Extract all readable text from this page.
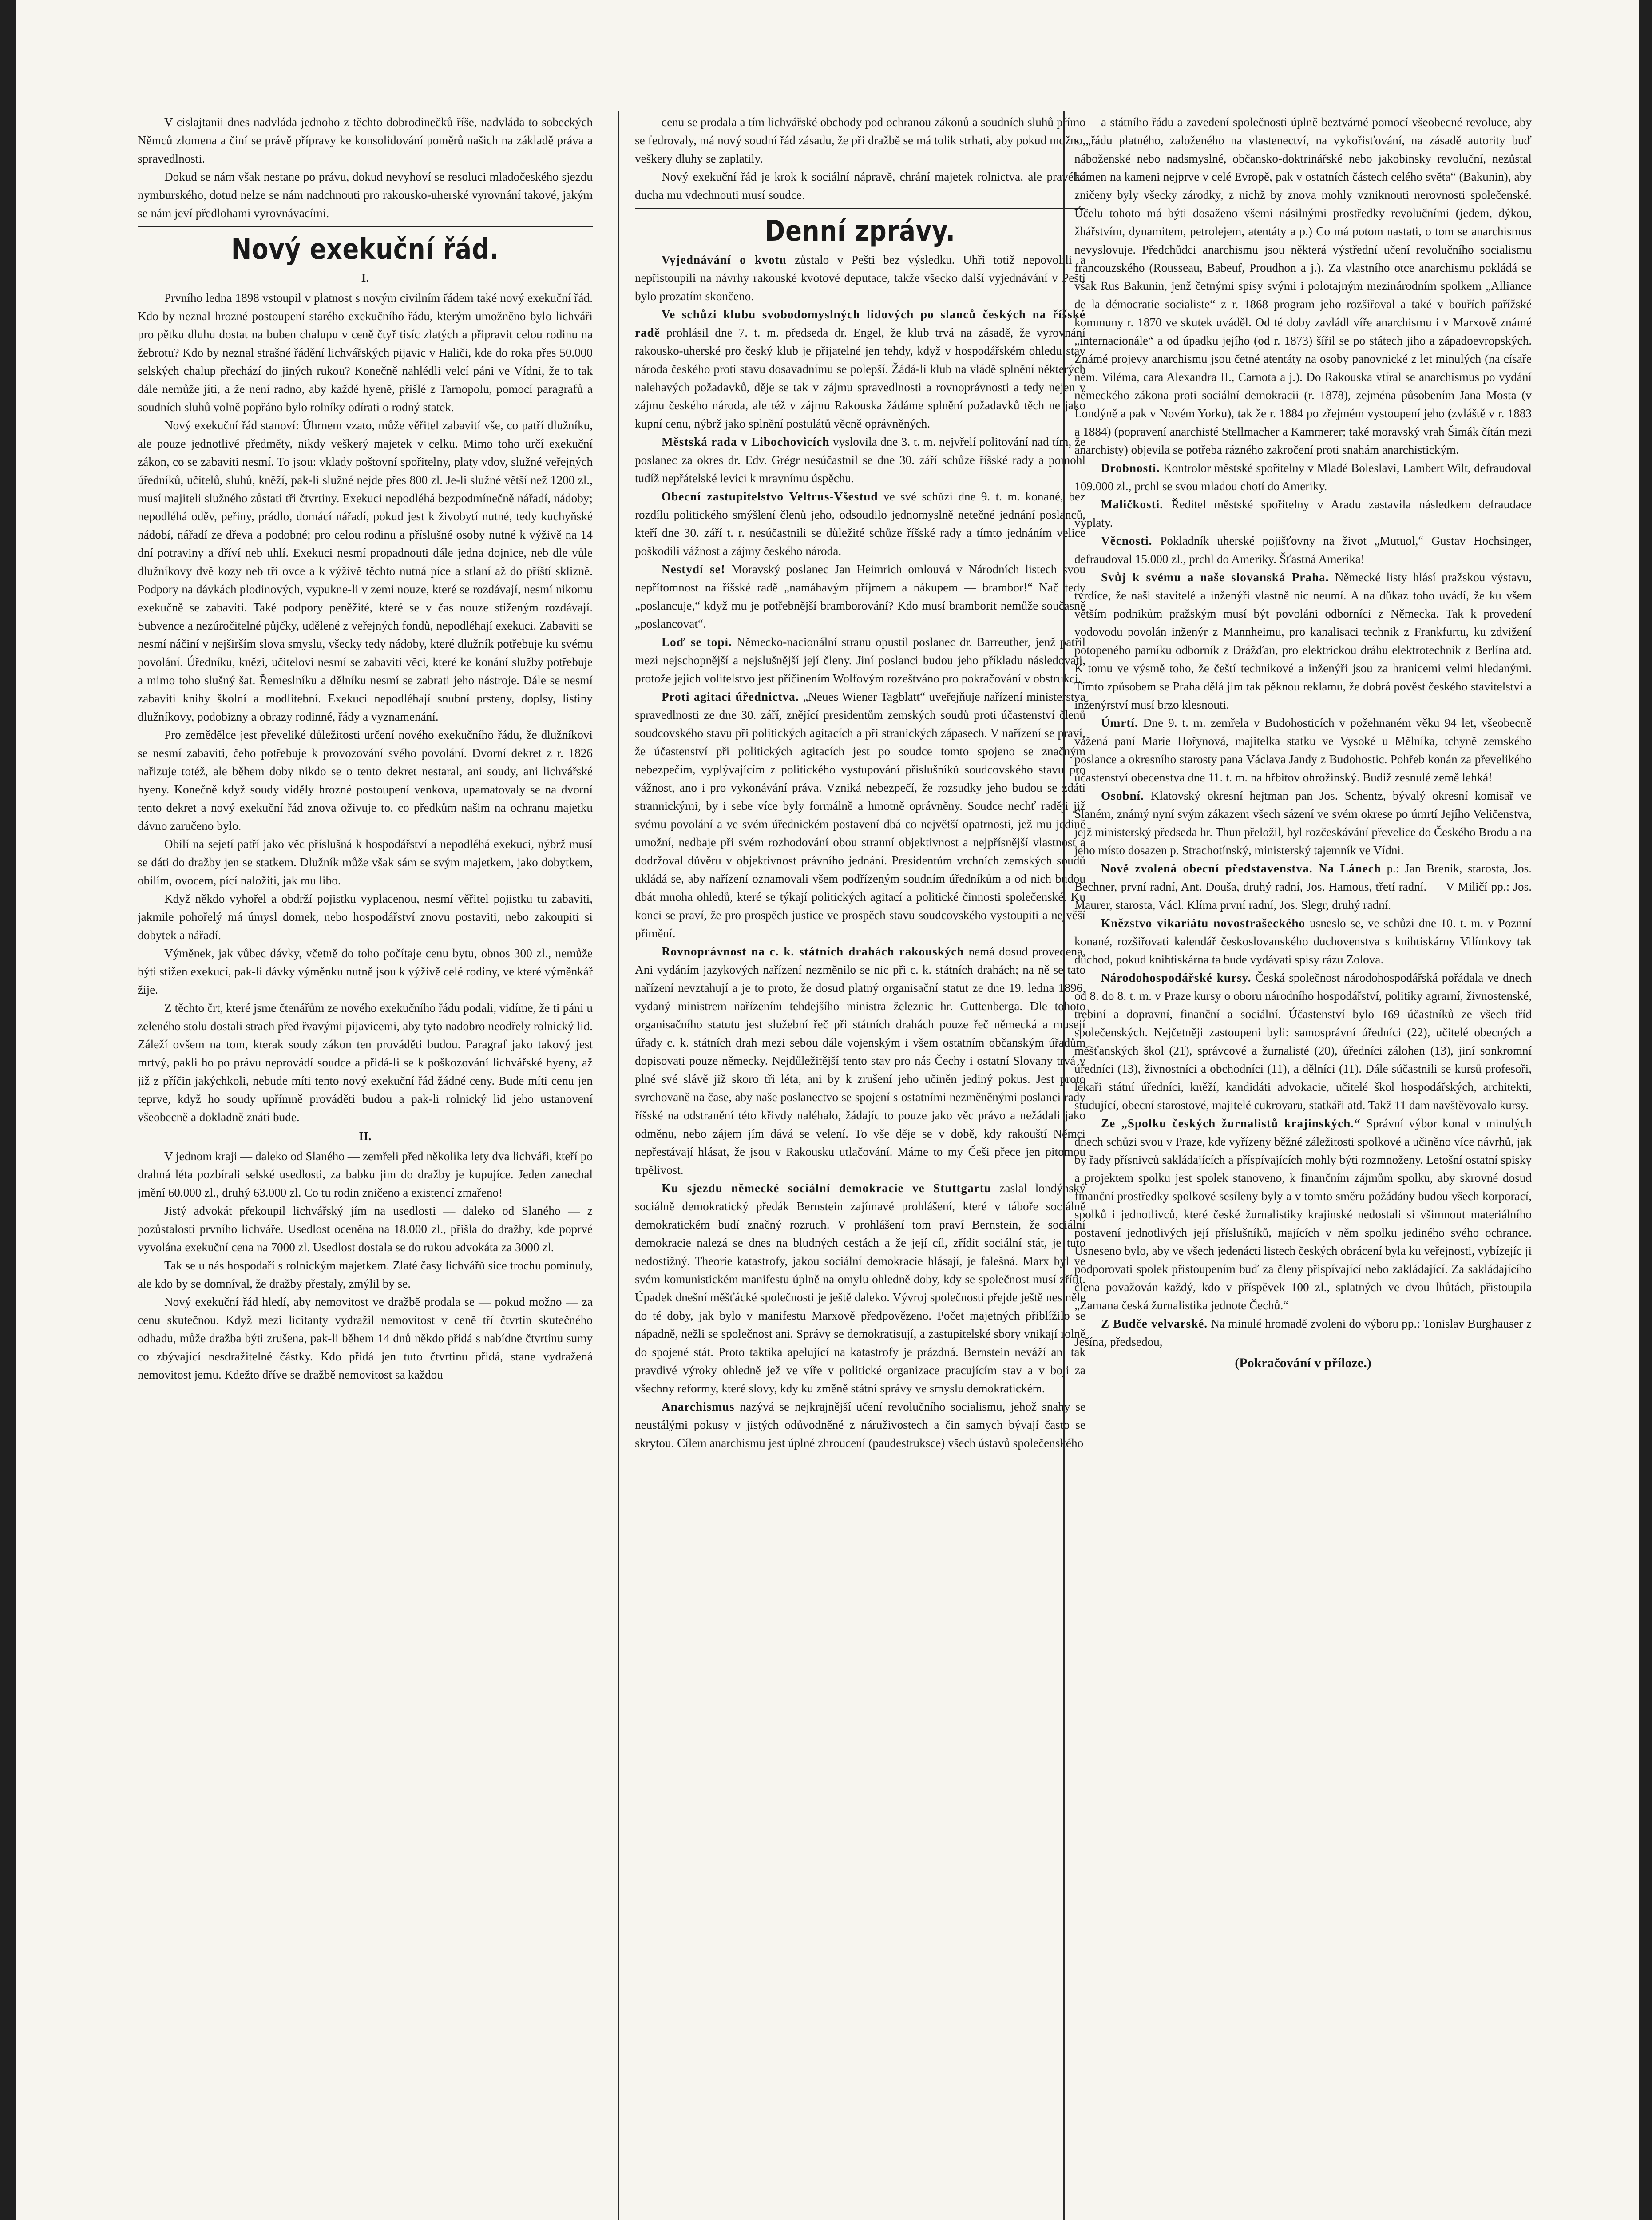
V cislajtanii dnes nadvláda jednoho z těchto dobrodinečků říše, nadvláda to sobeckých Němců zlomena a činí se právě přípravy ke konsolidování poměrů našich na základě práva a spravedlnosti.

Dokud se nám však nestane po právu, dokud nevyhoví se resoluci mladočeského sjezdu nymburského, dotud nelze se nám nadchnouti pro rakousko-uherské vyrovnání takové, jakým se nám jeví předlohami vyrovnávacími.

Nový exekuční řád.
I.

Prvního ledna 1898 vstoupil v platnost s novým civilním řádem také nový exekuční řád. Kdo by neznal hrozné postoupení starého exekučního řádu, kterým umožněno bylo lichváři pro pětku dluhu dostat na buben chalupu v ceně čtyř tisíc zlatých a připravit celou rodinu na žebrotu? Kdo by neznal strašné řádění lichvářských pijavic v Haliči, kde do roka přes 50.000 selských chalup přechází do jiných rukou? Konečně nahlédli velcí páni ve Vídni, že to tak dále nemůže jíti, a že není radno, aby každé hyeně, přišlé z Tarnopolu, pomocí paragrafů a soudních sluhů volně popřáno bylo rolníky odírati o rodný statek.

Nový exekuční řád stanoví: Úhrnem vzato, může věřitel zabavití vše, co patří dlužníku, ale pouze jednotlivé předměty, nikdy veškerý majetek v celku. Mimo toho určí exekuční zákon, co se zabaviti nesmí. To jsou: vklady poštovní spořitelny, platy vdov, služné veřejných úředníků, učitelů, sluhů, kněží, pak-li služné nejde přes 800 zl. Je-li služné větší než 1200 zl., musí majiteli služného zůstati tři čtvrtiny. Exekuci nepodléhá bezpodmínečně nářadí, nádoby; nepodléhá oděv, peřiny, prádlo, domácí nářadí, pokud jest k živobytí nutné, tedy kuchyňské nádobí, nářadí ze dřeva a podobné; pro celou rodinu a příslušné osoby nutné k výživě na 14 dní potraviny a dříví neb uhlí. Exekuci nesmí propadnouti dále jedna dojnice, neb dle vůle dlužníkovy dvě kozy neb tři ovce a k výživě těchto nutná píce a stlaní až do příští sklizně. Podpory na dávkách plodinových, vypukne-li v zemi nouze, které se rozdávají, nesmí nikomu exekučně se zabaviti. Také podpory peněžité, které se v čas nouze stiženým rozdávají. Subvence a nezúročitelné půjčky, udělené z veřejných fondů, nepodléhají exekuci. Zabaviti se nesmí náčiní v nejširším slova smyslu, všecky tedy nádoby, které dlužník potřebuje ku svému povolání. Úředníku, knězi, učitelovi nesmí se zabaviti věci, které ke konání služby potřebuje a mimo toho slušný šat. Řemeslníku a dělníku nesmí se zabrati jeho nástroje. Dále se nesmí zabaviti knihy školní a modlitební. Exekuci nepodléhají snubní prsteny, doplsy, listiny dlužníkovy, podobizny a obrazy rodinné, řády a vyznamenání.

Pro zemědělce jest převeliké důležitosti určení nového exekučního řádu, že dlužníkovi se nesmí zabaviti, čeho potřebuje k provozování svého povolání. Dvorní dekret z r. 1826 nařizuje totéž, ale během doby nikdo se o tento dekret nestaral, ani soudy, ani lichvářské hyeny. Konečně když soudy viděly hrozné postoupení venkova, upamatovaly se na dvorní tento dekret a nový exekuční řád znova oživuje to, co předkům našim na ochranu majetku dávno zaručeno bylo.

Obilí na sejetí patří jako věc příslušná k hospodářství a nepodléhá exekuci, nýbrž musí se dáti do dražby jen se statkem. Dlužník může však sám se svým majetkem, jako dobytkem, obilím, ovocem, pící naložiti, jak mu libo.

Když někdo vyhořel a obdrží pojistku vyplacenou, nesmí věřitel pojistku tu zabaviti, jakmile pohořelý má úmysl domek, nebo hospodářství znovu postaviti, nebo zakoupiti si dobytek a nářadí.

Výměnek, jak vůbec dávky, včetně do toho počítaje cenu bytu, obnos 300 zl., nemůže býti stižen exekucí, pak-li dávky výměnku nutně jsou k výživě celé rodiny, ve které výměnkář žije.

Z těchto črt, které jsme čtenářům ze nového exekučního řádu podali, vidíme, že ti páni u zeleného stolu dostali strach před řvavými pijavicemi, aby tyto nadobro neodřely rolnický lid. Záleží ovšem na tom, kterak soudy zákon ten prováděti budou. Paragraf jako takový jest mrtvý, pakli ho po právu neprovádí soudce a přidá-li se k poškozování lichvářské hyeny, až již z příčin jakýchkoli, nebude míti tento nový exekuční řád žádné ceny. Bude míti cenu jen teprve, když ho soudy upřímně prováděti budou a pak-li rolnický lid jeho ustanovení všeobecně a dokladně znáti bude.

II.

V jednom kraji — daleko od Slaného — zemřeli před několika lety dva lichváři, kteří po drahná léta pozbírali selské usedlosti, za babku jim do dražby je kupujíce. Jeden zanechal jmění 60.000 zl., druhý 63.000 zl. Co tu rodin zničeno a existencí zmařeno!

Jistý advokát překoupil lichvářský jím na usedlosti — daleko od Slaného — z pozůstalosti prvního lichváře. Usedlost oceněna na 18.000 zl., přišla do dražby, kde poprvé vyvolána exekuční cena na 7000 zl. Usedlost dostala se do rukou advokáta za 3000 zl.

Tak se u nás hospodaří s rolnickým majetkem. Zlaté časy lichvářů sice trochu pominuly, ale kdo by se domníval, že dražby přestaly, zmýlil by se.

Nový exekuční řád hledí, aby nemovitost ve dražbě prodala se — pokud možno — za cenu skutečnou. Když mezi licitanty vydražil nemovitost v ceně tří čtvrtin skutečného odhadu, může dražba býti zrušena, pak-li během 14 dnů někdo přidá s nabídne čtvrtinu sumy co zbývající nesdražitelné částky. Kdo přidá jen tuto čtvrtinu přidá, stane vydražená nemovitost jemu. Kdežto dříve se dražbě nemovitost sa každou

cenu se prodala a tím lichvářské obchody pod ochranou zákonů a soudních sluhů přímo se fedrovaly, má nový soudní řád zásadu, že při dražbě se má tolik strhati, aby pokud možno, veškery dluhy se zaplatily.

Nový exekuční řád je krok k sociální nápravě, chrání majetek rolnictva, ale pravého ducha mu vdechnouti musí soudce.

Denní zprávy.

Vyjednávání o kvotu zůstalo v Pešti bez výsledku. Uhři totiž nepovolili a nepřistoupili na návrhy rakouské kvotové deputace, takže všecko další vyjednávání v Pešti bylo prozatím skončeno.

Ve schůzi klubu svobodomyslných lidových po slanců českých na říšské radě prohlásil dne 7. t. m. předseda dr. Engel, že klub trvá na zásadě, že vyrovnání rakousko-uherské pro český klub je přijatelné jen tehdy, když v hospodářském ohledu stav národa českého proti stavu dosavadnímu se polepší. Žádá-li klub na vládě splnění některých nalehavých požadavků, děje se tak v zájmu spravedlnosti a rovnoprávnosti a tedy nejen v zájmu českého národa, ale též v zájmu Rakouska žádáme splnění požadavků těch ne jako kupní cenu, nýbrž jako splnění postulátů věcně oprávněných.

Městská rada v Libochovicích vyslovila dne 3. t. m. nejvřelí politování nad tím, že poslanec za okres dr. Edv. Grégr nesúčastnil se dne 30. září schůze říšské rady a pomohl tudíž nepřátelské levici k mravnímu úspěchu.

Obecní zastupitelstvo Veltrus-Všestud ve své schůzi dne 9. t. m. konané, bez rozdílu politického smýšlení členů jeho, odsoudilo jednomyslně netečné jednání poslanců, kteří dne 30. září t. r. nesúčastnili se důležité schůze říšské rady a tímto jednáním velice poškodili vážnost a zájmy českého národa.

Nestydí se! Moravský poslanec Jan Heimrich omlouvá v Národních listech svou nepřítomnost na říšské radě „namáhavým příjmem a nákupem — brambor!“ Nač tedy „poslancuje,“ když mu je potřebnější bramborování? Kdo musí bramborit nemůže současně „poslancovat“.

Loď se topí. Německo-nacionální stranu opustil poslanec dr. Barreuther, jenž patřil mezi nejschopnější a nejslušnější její členy. Jiní poslanci budou jeho příkladu následovati, protože jejich volitelstvo jest příčinením Wolfovým rozeštváno pro pokračování v obstrukci.

Proti agitaci úřednictva. „Neues Wiener Tagblatt“ uveřejňuje nařízení ministerstva spravedlnosti ze dne 30. září, znějící presidentům zemských soudů proti účastenství členů soudcovského stavu při politických agitacích a při stranických zápasech. V nařízení se praví, že účastenství při politických agitacích jest po soudce tomto spojeno se značným nebezpečím, vyplývajícím z politického vystupování přislušníků soudcovského stavu pro vážnost, ano i pro vykonávání práva. Vzniká nebezpečí, že rozsudky jeho budou se zdáti strannickými, by i sebe více byly formálně a hmotně oprávněny. Soudce nechť raději již svému povolání a ve svém úřednickém postavení dbá co největší opatrnosti, jež mu jedině umožní, nedbaje při svém rozhodování obou stranní objektivnost a nejpřísnější vlastnost a dodržoval důvěru v objektivnost právního jednání. Presidentům vrchních zemských soudů ukládá se, aby nařízení oznamovali všem podřízeným soudním úředníkům a od nich budou dbát mnoha ohledů, které se týkají politických agitací a politické činnosti společenské. Ku konci se praví, že pro prospěch justice ve prospěch stavu soudcovského vystoupiti a nejvěší přimění.

Rovnoprávnost na c. k. státních drahách rakouských nemá dosud provedena. Ani vydáním jazykových nařízení nezměnilo se nic při c. k. státních drahách; na ně se tato nařízení nevztahují a je to proto, že dosud platný organisační statut ze dne 19. ledna 1896, vydaný ministrem nařízením tehdejšího ministra železnic hr. Guttenberga. Dle tohoto organisačního statutu jest služební řeč při státních drahách pouze řeč německá a musejí úřady c. k. státních drah mezi sebou dále vojenským i všem ostatním občanským úřadům dopisovati pouze německy. Nejdůležitější tento stav pro nás Čechy i ostatní Slovany trvá v plné své slávě již skoro tři léta, ani by k zrušení jeho učiněn jediný pokus. Jest proto svrchovaně na čase, aby naše poslanectvo se spojení s ostatními nezměněnými poslanci rady říšské na odstranění této křivdy naléhalo, žádajíc to pouze jako věc právo a nežádali jako odměnu, nebo zájem jím dává se velení. To vše děje se v době, kdy rakouští Němci nepřestávají hlásat, že jsou v Rakousku utlačování. Máme to my Češi přece jen pitomou trpělivost.

Ku sjezdu německé sociální demokracie ve Stuttgartu zaslal londýnský sociálně demokratický předák Bernstein zajímavé prohlášení, které v táboře sociálně demokratickém budí značný rozruch. V prohlášení tom praví Bernstein, že sociální demokracie nalezá se dnes na bludných cestách a že její cíl, zřídit sociální stát, je tuto nedostižný. Theorie katastrofy, jakou sociální demokracie hlásají, je falešná. Marx byl ve svém komunistickém manifestu úplně na omylu ohledně doby, kdy se společnost musí zřítit. Úpadek dnešní měšťácké společnosti je ještě daleko. Vývroj společnosti přejde ještě nesměle do té doby, jak bylo v manifestu Marxově předpovězeno. Počet majetných přiblížilo se nápadně, nežli se společnost ani. Správy se demokratisují, a zastupitelské sbory vnikají rolně do spojené stát. Proto taktika apelující na katastrofy je prázdná. Bernstein neváží ani tak pravdivé výroky ohledně jež ve víře v politické organizace pracujícím stav a v boji za všechny reformy, které slovy, kdy ku změně státní správy ve smyslu demokratickém.

Anarchismus nazývá se nejkrajnější učení revolučního socialismu, jehož snahy se neustálými pokusy v jistých odůvodněné z náruživostech a čin samych bývají často se skrytou. Cílem anarchismu jest úplné zhroucení (paudestruksce) všech ústavů společenského

a státního řádu a zavedení společnosti úplně beztvárné pomocí všeobecné revoluce, aby s „řádu platného, založeného na vlastenectví, na vykořisťování, na zásadě autority buď náboženské nebo nadsmyslné, občansko-doktrinářské nebo jakobinsky revoluční, nezůstal kámen na kameni nejprve v celé Evropě, pak v ostatních částech celého světa“ (Bakunin), aby zničeny byly všecky zárodky, z nichž by znova mohly vzniknouti nerovnosti společenské. Účelu tohoto má býti dosaženo všemi násilnými prostředky revolučními (jedem, dýkou, žhářstvím, dynamitem, petrolejem, atentáty a p.) Co má potom nastati, o tom se anarchismus nevyslovuje. Předchůdci anarchismu jsou některá výstřední učení revolučního socialismu francouzského (Rousseau, Babeuf, Proudhon a j.). Za vlastního otce anarchismu pokládá se však Rus Bakunin, jenž četnými spisy svými i polotajným mezinárodním spolkem „Alliance de la démocratie socialiste“ z r. 1868 program jeho rozšiřoval a také v bouřích pařížské kommuny r. 1870 ve skutek uváděl. Od té doby zavládl víře anarchismu i v Marxově známé „internacionále“ a od úpadku jejího (od r. 1873) šířil se po státech jiho a západoevropských. Známé projevy anarchismu jsou četné atentáty na osoby panovnické z let minulých (na císaře něm. Viléma, cara Alexandra II., Carnota a j.). Do Rakouska vtíral se anarchismus po vydání německého zákona proti sociální demokracii (r. 1878), zejména působením Jana Mosta (v Londýně a pak v Novém Yorku), tak že r. 1884 po zřejmém vystoupení jeho (zvláště v r. 1883 a 1884) (popravení anarchisté Stellmacher a Kammerer; také moravský vrah Šimák čítán mezi anarchisty) objevila se potřeba rázného zakročení proti snahám anarchistickým.

Drobnosti. Kontrolor městské spořitelny v Mladé Boleslavi, Lambert Wilt, defraudoval 109.000 zl., prchl se svou mladou chotí do Ameriky.

Maličkosti. Ředitel městské spořitelny v Aradu zastavila následkem defraudace výplaty.

Věcnosti. Pokladník uherské pojišťovny na život „Mutuol,“ Gustav Hochsinger, defraudoval 15.000 zl., prchl do Ameriky. Šťastná Amerika!

Svůj k svému a naše slovanská Praha. Německé listy hlásí pražskou výstavu, tvrdíce, že naši stavitelé a inženýři vlastně nic neumí. A na důkaz toho uvádí, že ku všem větším podnikům pražským musí být povoláni odborníci z Německa. Tak k provedení vodovodu povolán inženýr z Mannheimu, pro kanalisaci technik z Frankfurtu, ku zdvižení potopeného parníku odborník z Drážďan, pro elektrickou dráhu elektrotechnik z Berlína atd. K tomu ve výsmě toho, že čeští technikové a inženýři jsou za hranicemi velmi hledanými. Tímto způsobem se Praha dělá jim tak pěknou reklamu, že dobrá pověst českého stavitelství a inženýrství musí brzo klesnouti.

Úmrtí. Dne 9. t. m. zemřela v Budohosticích v požehnaném věku 94 let, všeobecně vážená paní Marie Hořynová, majitelka statku ve Vysoké u Mělníka, tchyně zemského poslance a okresního starosty pana Václava Jandy z Budohostic. Pohřeb konán za převelikého účastenství obecenstva dne 11. t. m. na hřbitov ohrožinský. Budiž zesnulé země lehká!

Osobní. Klatovský okresní hejtman pan Jos. Schentz, bývalý okresní komisař ve Slaném, známý nyní svým zákazem všech sázení ve svém okrese po úmrtí Jejího Veličenstva, jejž ministerský předseda hr. Thun přeložil, byl rozčeskávání převelice do Českého Brodu a na jeho místo dosazen p. Strachotínský, ministerský tajemník ve Vídni.

Nově zvolená obecní představenstva. Na Lánech p.: Jan Brenik, starosta, Jos. Bechner, první radní, Ant. Douša, druhý radní, Jos. Hamous, třetí radní. — V Miličí pp.: Jos. Maurer, starosta, Václ. Klíma první radní, Jos. Slegr, druhý radní.

Knězstvo vikariátu novostrašeckého usneslo se, ve schůzi dne 10. t. m. v Poznní konané, rozšiřovati kalendář českoslovanského duchovenstva s knihtiskárny Vilímkovy tak důchod, pokud knihtiskárna ta bude vydávati spisy rázu Zolova.

Národohospodářské kursy. Česká společnost národohospodářská pořádala ve dnech od 8. do 8. t. m. v Praze kursy o oboru národního hospodářství, politiky agrarní, živnostenské, trebiní a dopravní, finanční a sociální. Účastenství bylo 169 účastníků ze všech tříd společenských. Nejčetněji zastoupeni byli: samosprávní úředníci (22), učitelé obecných a měšťanských škol (21), správcové a žurnalisté (20), úředníci zálohen (13), jiní sonkromní úředníci (13), živnostníci a obchodníci (11), a dělníci (11). Dále súčastnili se kursů profesoři, lékaři státní úředníci, kněží, kandidáti advokacie, učitelé škol hospodářských, architekti, studující, obecní starostové, majitelé cukrovaru, statkáři atd. Takž 11 dam navštěvovalo kursy.

Ze „Spolku českých žurnalistů krajinských.“ Správní výbor konal v minulých dnech schůzi svou v Praze, kde vyřízeny běžné záležitosti spolkové a učiněno více návrhů, jak by řady přísnivců sakládajících a příspívajících mohly býti rozmnoženy. Letošní ostatní spisky a projektem spolku jest spolek stanoveno, k finančním zájmům spolku, aby skrovné dosud finanční prostředky spolkové sesíleny byly a v tomto směru požádány budou všech korporací, spolků i jednotlivců, které české žurnalistiky krajinské nedostali si všimnout materiálního postavení jednotlivých její příslušníků, majících v něm spolku jediného svého ochrance. Usneseno bylo, aby ve všech jedenácti listech českých obrácení byla ku veřejnosti, vybízejíc ji podporovati spolek přistoupením buď za členy přispívající nebo zakládající. Za sakládajícího člena považován každý, kdo v příspěvek 100 zl., splatných ve dvou lhůtách, přistoupila „Zamana česká žurnalistika jednote Čechů.“

Z Budče velvarské. Na minulé hromadě zvoleni do výboru pp.: Tonislav Burghauser z Ješína, předsedou,

(Pokračování v příloze.)
